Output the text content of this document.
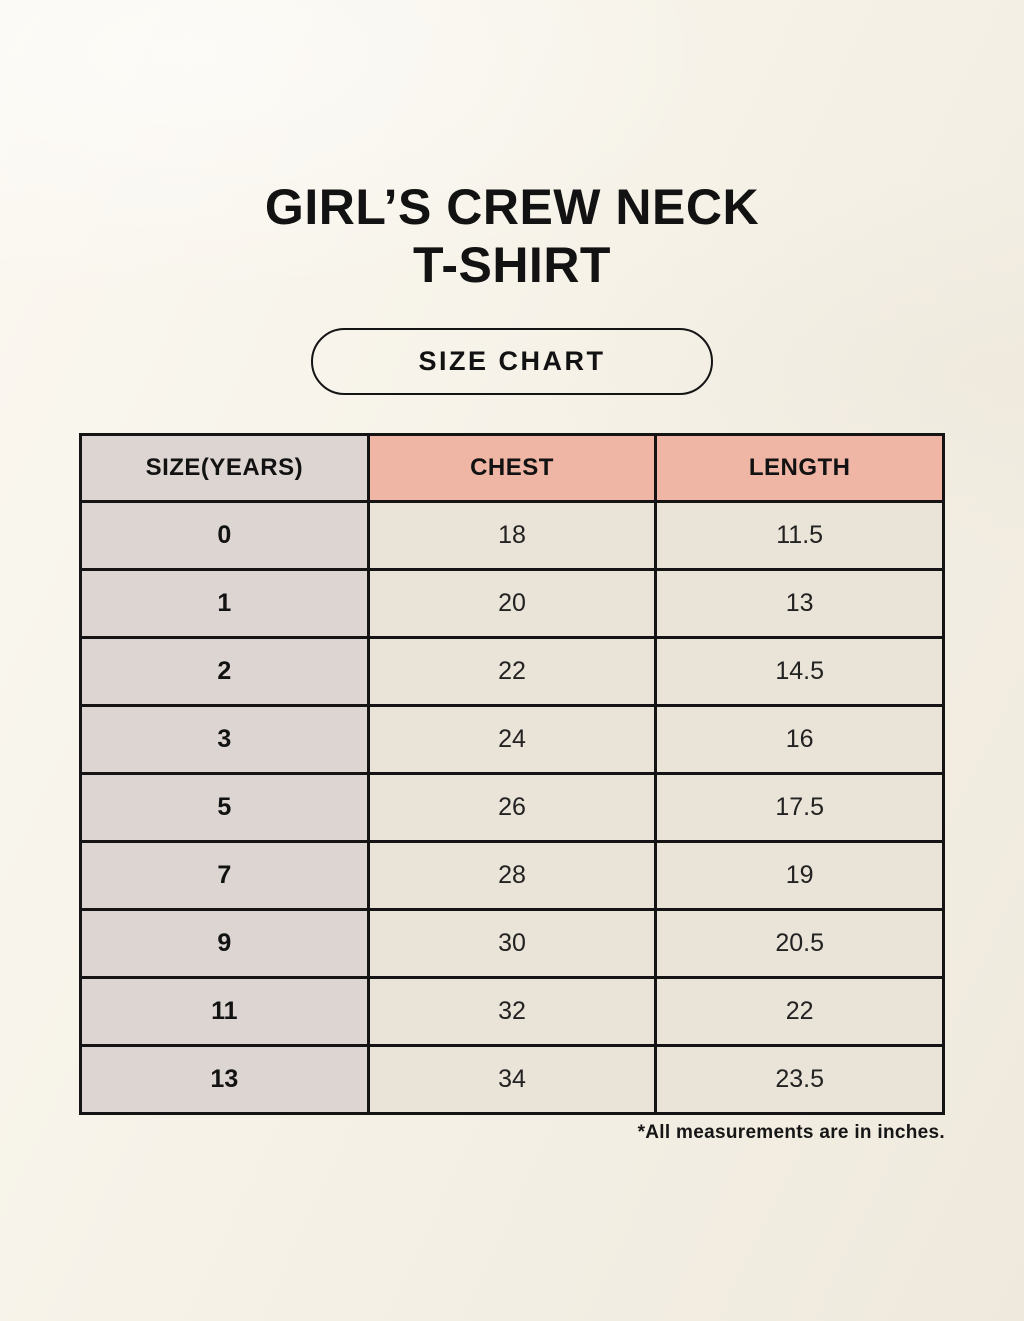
GIRL’S CREW NECK
T-SHIRT
SIZE CHART
SIZE(YEARS)	CHEST	LENGTH
0	18	11.5
1	20	13
2	22	14.5
3	24	16
5	26	17.5
7	28	19
9	30	20.5
11	32	22
13	34	23.5
*All measurements are in inches.
